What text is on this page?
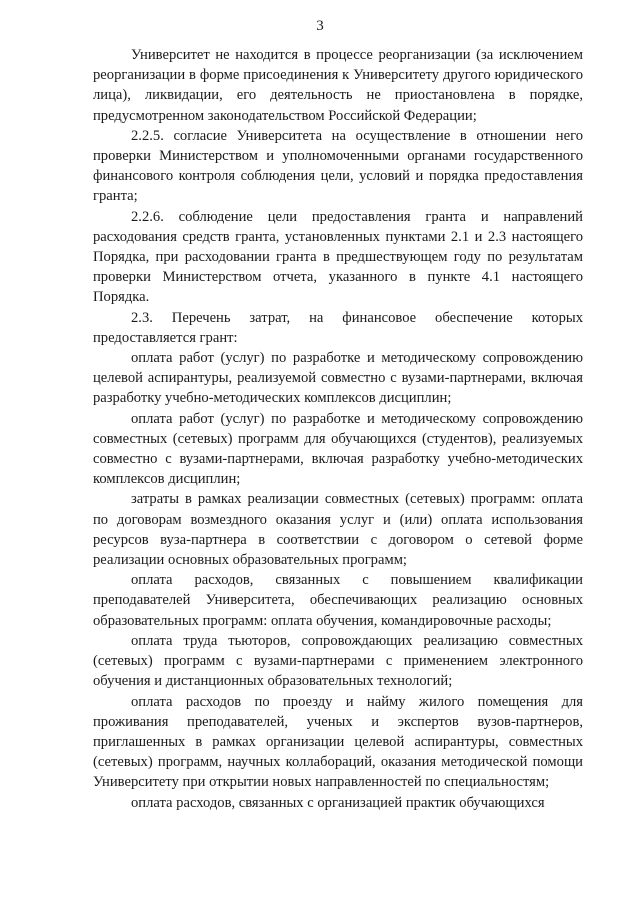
3

Университет не находится в процессе реорганизации (за исключением реорганизации в форме присоединения к Университету другого юридического лица), ликвидации, его деятельность не приостановлена в порядке, предусмотренном законодательством Российской Федерации;

2.2.5. согласие Университета на осуществление в отношении него проверки Министерством и уполномоченными органами государственного финансового контроля соблюдения цели, условий и порядка предоставления гранта;

2.2.6. соблюдение цели предоставления гранта и направлений расходования средств гранта, установленных пунктами 2.1 и 2.3 настоящего Порядка, при расходовании гранта в предшествующем году по результатам проверки Министерством отчета, указанного в пункте 4.1 настоящего Порядка.

2.3. Перечень затрат, на финансовое обеспечение которых предоставляется грант:

оплата работ (услуг) по разработке и методическому сопровождению целевой аспирантуры, реализуемой совместно с вузами-партнерами, включая разработку учебно-методических комплексов дисциплин;

оплата работ (услуг) по разработке и методическому сопровождению совместных (сетевых) программ для обучающихся (студентов), реализуемых совместно с вузами-партнерами, включая разработку учебно-методических комплексов дисциплин;

затраты в рамках реализации совместных (сетевых) программ: оплата по договорам возмездного оказания услуг и (или) оплата использования ресурсов вуза-партнера в соответствии с договором о сетевой форме реализации основных образовательных программ;

оплата расходов, связанных с повышением квалификации преподавателей Университета, обеспечивающих реализацию основных образовательных программ: оплата обучения, командировочные расходы;

оплата труда тьюторов, сопровождающих реализацию совместных (сетевых) программ с вузами-партнерами с применением электронного обучения и дистанционных образовательных технологий;

оплата расходов по проезду и найму жилого помещения для проживания преподавателей, ученых и экспертов вузов-партнеров, приглашенных в рамках организации целевой аспирантуры, совместных (сетевых) программ, научных коллабораций, оказания методической помощи Университету при открытии новых направленностей по специальностям;

оплата расходов, связанных с организацией практик обучающихся
